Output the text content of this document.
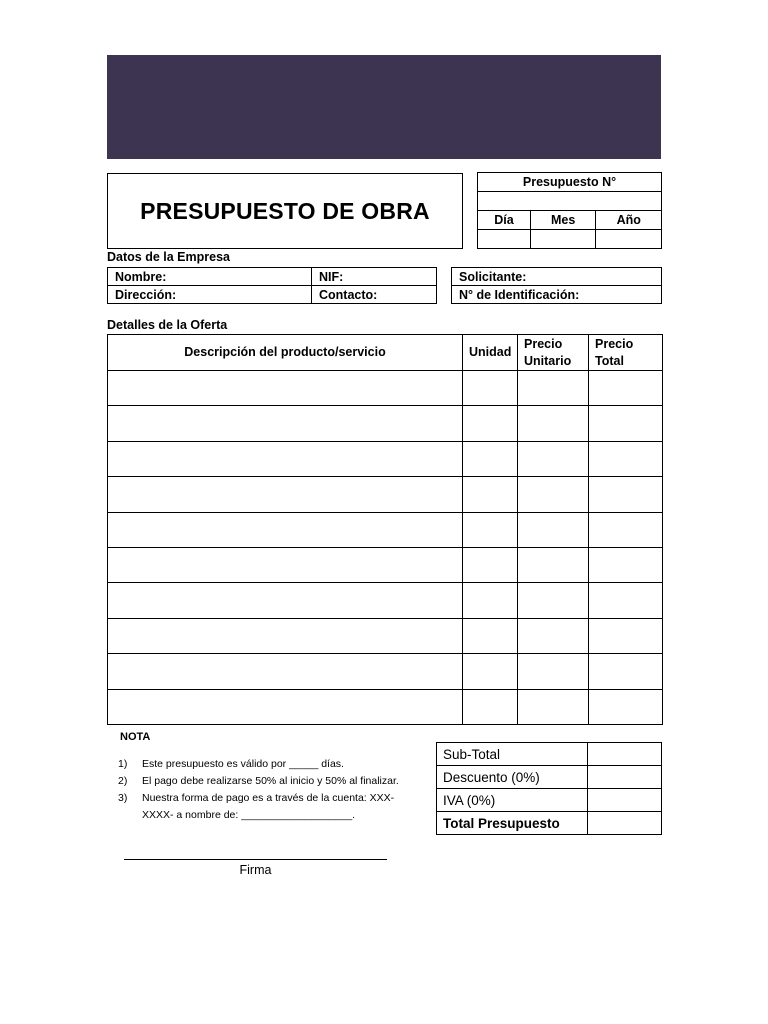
PRESUPUESTO DE OBRA
Presupuesto N°		

Día	Mes	Año

Datos de la Empresa
Nombre:	NIF:
Dirección:	Contacto:
Solicitante:
N° de Identificación:
Detalles de la Oferta
Descripción del producto/servicio	Unidad	Precio Unitario	Precio Total

NOTA
1)	Este presupuesto es válido por _____ días.
2)	El pago debe realizarse 50% al inicio y 50% al finalizar.
3)	Nuestra forma de pago es a través de la cuenta: XXX-XXXX- a nombre de: ___________________.
Sub-Total	
Descuento (0%)	
IVA (0%)	
Total Presupuesto	
Firma
